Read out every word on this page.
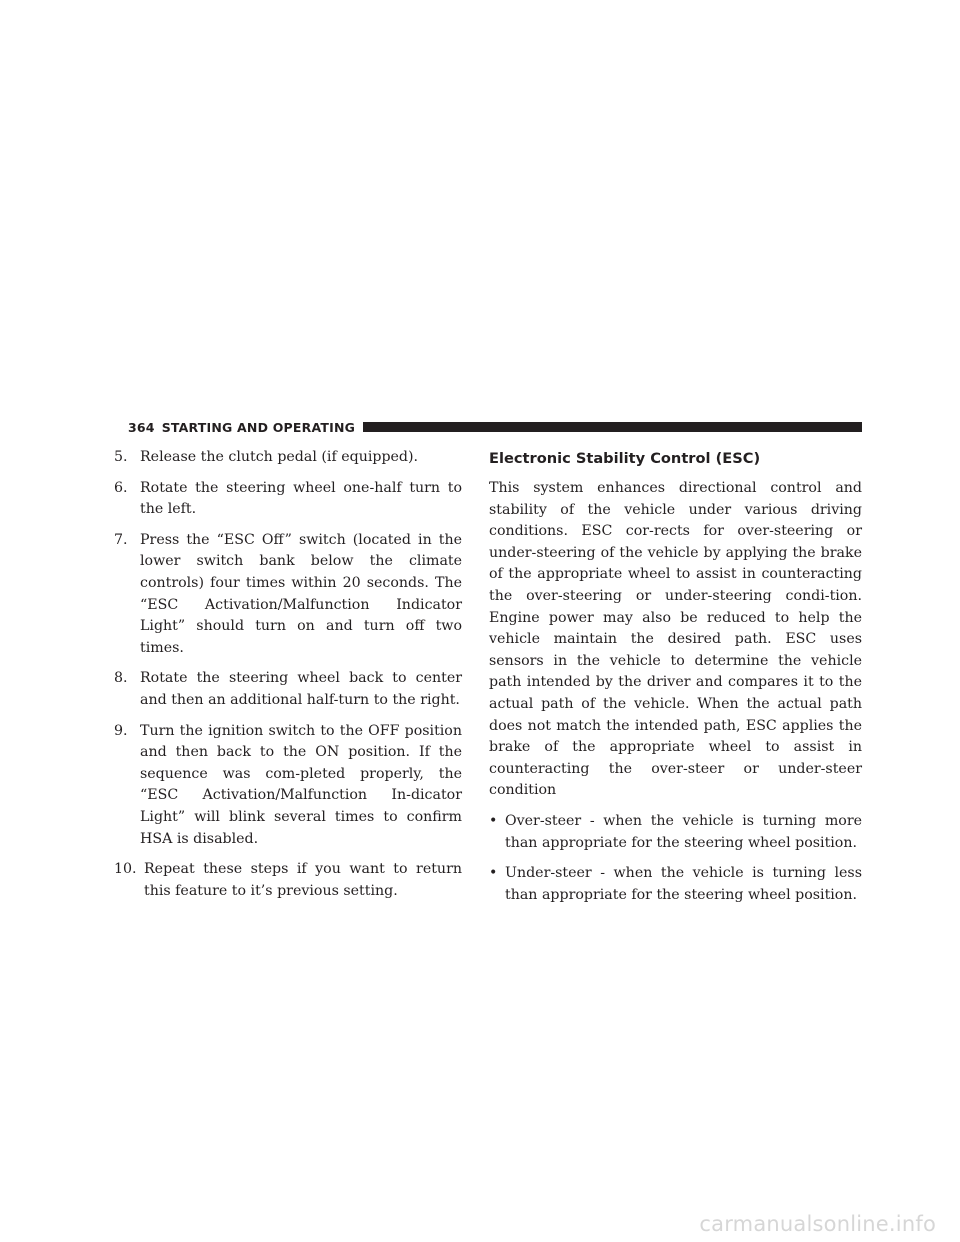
364 STARTING AND OPERATING

5. Release the clutch pedal (if equipped).

6. Rotate the steering wheel one-half turn to the left.

7. Press the “ESC Off” switch (located in the lower switch bank below the climate controls) four times within 20 seconds. The “ESC Activation/Malfunction Indicator Light” should turn on and turn off two times.

8. Rotate the steering wheel back to center and then an additional half-turn to the right.

9. Turn the ignition switch to the OFF position and then back to the ON position. If the sequence was com-pleted properly, the “ESC Activation/Malfunction In-dicator Light” will blink several times to confirm HSA is disabled.

10. Repeat these steps if you want to return this feature to it’s previous setting.

Electronic Stability Control (ESC)

This system enhances directional control and stability of the vehicle under various driving conditions. ESC cor-rects for over-steering or under-steering of the vehicle by applying the brake of the appropriate wheel to assist in counteracting the over-steering or under-steering condi-tion. Engine power may also be reduced to help the vehicle maintain the desired path. ESC uses sensors in the vehicle to determine the vehicle path intended by the driver and compares it to the actual path of the vehicle. When the actual path does not match the intended path, ESC applies the brake of the appropriate wheel to assist in counteracting the over-steer or under-steer condition

• Over-steer - when the vehicle is turning more than appropriate for the steering wheel position.

• Under-steer - when the vehicle is turning less than appropriate for the steering wheel position.

carmanualsonline.info
